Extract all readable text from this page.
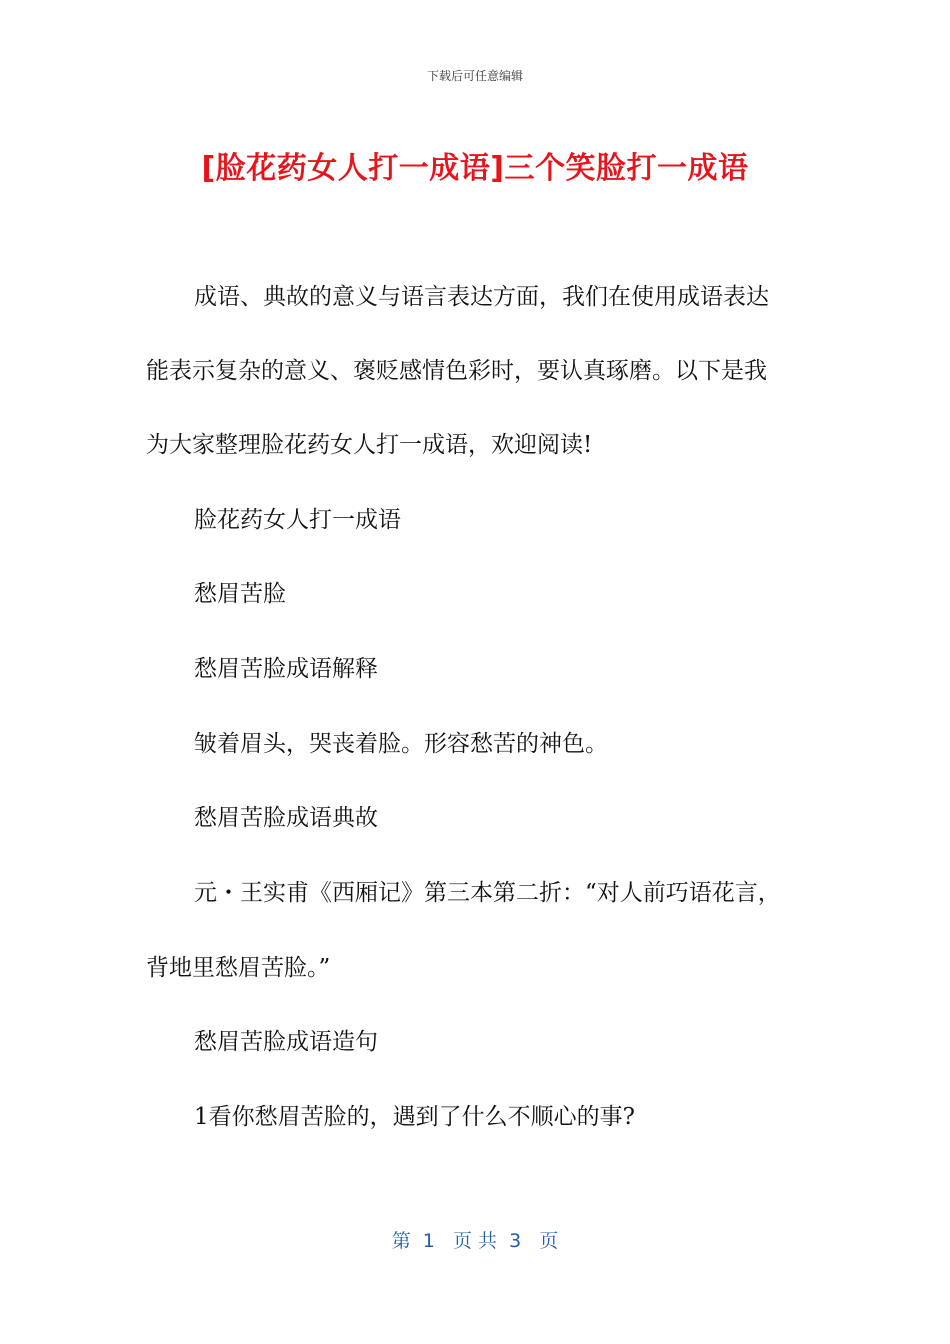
下载后可任意编辑
[脸花药女人打一成语]三个笑脸打一成语
成语、典故的意义与语言表达方面，我们在使用成语表达
能表示复杂的意义、褒贬感情色彩时，要认真琢磨。以下是我
为大家整理脸花药女人打一成语，欢迎阅读!
脸花药女人打一成语
愁眉苦脸
愁眉苦脸成语解释
皱着眉头，哭丧着脸。形容愁苦的神色。
愁眉苦脸成语典故
元・王实甫《西厢记》第三本第二折：“对人前巧语花言，
背地里愁眉苦脸。”
愁眉苦脸成语造句
1看你愁眉苦脸的，遇到了什么不顺心的事?
第  1   页 共  3   页
